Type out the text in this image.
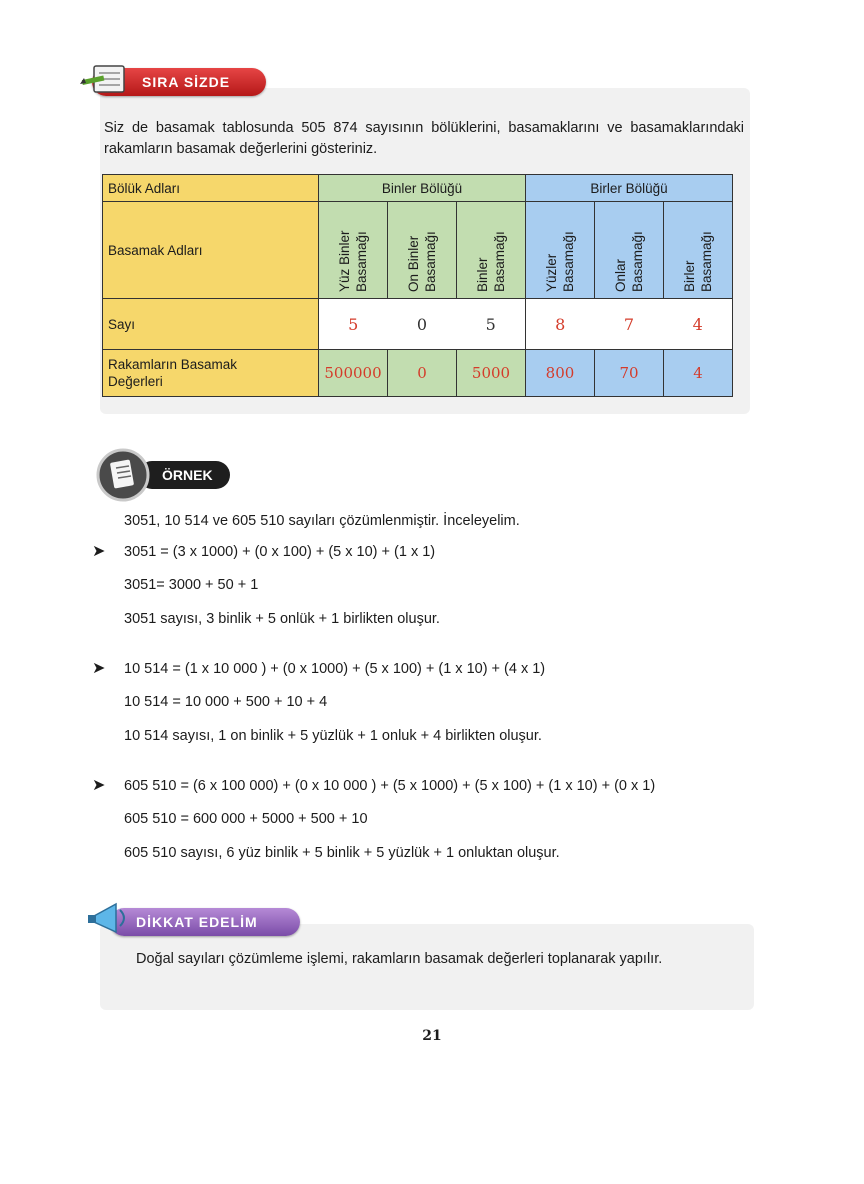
SIRA SİZDE
Siz de basamak tablosunda 505 874 sayısının bölüklerini, basamaklarını ve basamaklarındaki rakamların basamak değerlerini gösteriniz.
Bölük Adları	Binler Bölüğü			Birler Bölüğü		
Basamak Adları	Yüz Binler Basamağı	On Binler Basamağı	Binler Basamağı	Yüzler Basamağı	Onlar Basamağı	Birler Basamağı

Sayı	5	0	5	8	7	4
Rakamların Basamak
Değerleri	500000	0	5000	800	70	4
ÖRNEK
3051, 10 514 ve 605 510 sayıları çözümlenmiştir. İnceleyelim.
➤ 3051 = (3 x 1000) + (0 x 100) + (5 x 10) + (1 x 1)
3051= 3000 + 50 + 1
3051 sayısı, 3 binlik + 5 onlük + 1 birlikten oluşur.
➤ 10 514 = (1 x 10 000 ) + (0 x 1000) + (5 x 100) + (1 x 10) + (4 x 1)
10 514 = 10 000 + 500 + 10 + 4
10 514 sayısı, 1 on binlik + 5 yüzlük + 1 onluk + 4 birlikten oluşur.
➤ 605 510 = (6 x 100 000) + (0 x 10 000 ) + (5 x 1000) + (5 x 100) + (1 x 10) + (0 x 1)
605 510 = 600 000 + 5000 + 500 + 10
605 510 sayısı, 6 yüz binlik + 5 binlik + 5 yüzlük + 1 onluktan oluşur.
DİKKAT EDELİM
Doğal sayıları çözümleme işlemi, rakamların basamak değerleri toplanarak yapılır.
21
